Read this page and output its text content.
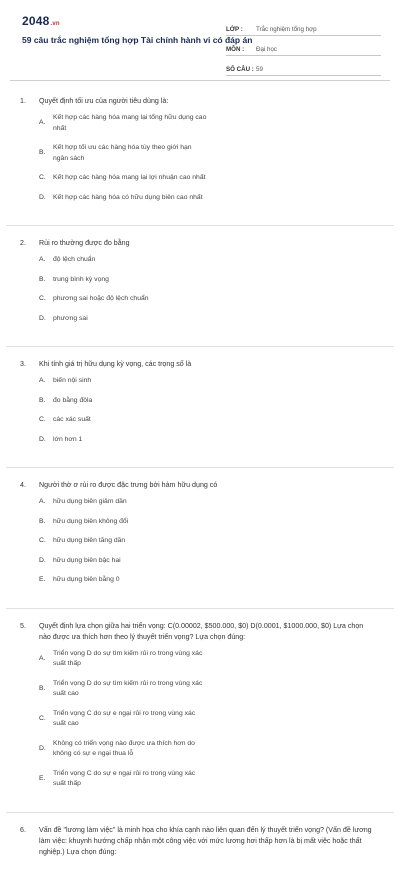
2048.vn
59 câu trắc nghiệm tổng hợp Tài chính hành vi có đáp án
LỚP :	Trắc nghiệm tổng hợp
MÔN :	Đại học
SỐ CÂU : 59
1.	Quyết định tối ưu của người tiêu dùng là:
A.
Kết hợp các hàng hóa mang lại tổng hữu dụng cao nhất
B.
Kết hợp tối ưu các hàng hóa tùy theo giới hạn ngân sách
C.	Kết hợp các hàng hóa mang lại lợi nhuận cao nhất
D.	Kết hợp các hàng hóa có hữu dụng biên cao nhất
2.	Rủi ro thường được đo bằng
A.	độ lệch chuẩn
B.	trung bình kỳ vọng
C.	phương sai hoặc độ lệch chuẩn
D.	phương sai
3.	Khi tính giá trị hữu dụng kỳ vọng, các trọng số là
A.	biến nội sinh
B.	đo bằng đôla
C.	các xác suất
D.	lớn hơn 1
4.	Người thờ ơ rủi ro được đặc trưng bởi hàm hữu dụng có
A.	hữu dụng biên giảm dần
B.	hữu dụng biên không đổi
C.	hữu dụng biên tăng dần
D.	hữu dụng biên bậc hai
E.	hữu dụng biên bằng 0
5.	Quyết định lựa chọn giữa hai triển vọng: C(0.00002, $500.000, $0) D(0.0001, $1000.000, $0) Lựa chọn nào được ưa thích hơn theo lý thuyết triển vọng? Lựa chọn đúng:
A.
Triển vọng D do sự tìm kiếm rủi ro trong vùng xác suất thấp
B.
Triển vọng D do sự tìm kiếm rủi ro trong vùng xác suất cao
C.
Triển vọng C do sự e ngại rủi ro trong vùng xác suất cao
D.
Không có triển vọng nào được ưa thích hơn do không có sự e ngại thua lỗ
E.
Triển vọng C do sự e ngại rủi ro trong vùng xác suất thấp
6.	Vấn đề "lương làm việc" là minh họa cho khía cạnh nào liên quan đến lý thuyết triển vọng? (Vấn đề lương làm việc: khuynh hướng chấp nhận một công việc với mức lương hơi thấp hơn là bị mất việc hoặc thất nghiệp.) Lựa chọn đúng:
